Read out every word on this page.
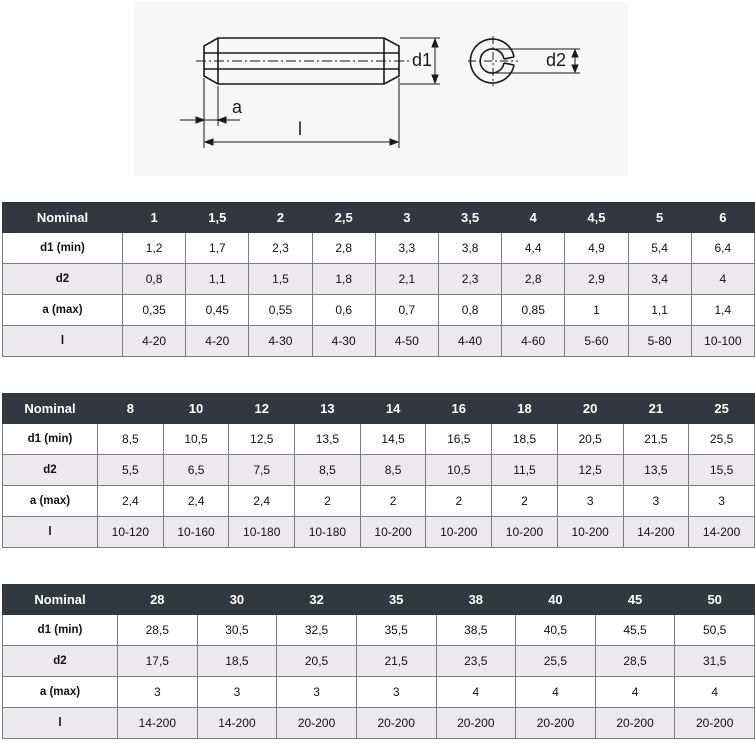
d1
a
l
d2
Nominal	1	1,5	2	2,5	3	3,5	4	4,5	5	6
d1 (min)	1,2	1,7	2,3	2,8	3,3	3,8	4,4	4,9	5,4	6,4
d2	0,8	1,1	1,5	1,8	2,1	2,3	2,8	2,9	3,4	4
a (max)	0,35	0,45	0,55	0,6	0,7	0,8	0,85	1	1,1	1,4
l	4-20	4-20	4-30	4-30	4-50	4-40	4-60	5-60	5-80	10-100
Nominal	8	10	12	13	14	16	18	20	21	25
d1 (min)	8,5	10,5	12,5	13,5	14,5	16,5	18,5	20,5	21,5	25,5
d2	5,5	6,5	7,5	8,5	8,5	10,5	11,5	12,5	13,5	15,5
a (max)	2,4	2,4	2,4	2	2	2	2	3	3	3
l	10-120	10-160	10-180	10-180	10-200	10-200	10-200	10-200	14-200	14-200
Nominal	28	30	32	35	38	40	45	50
d1 (min)	28,5	30,5	32,5	35,5	38,5	40,5	45,5	50,5
d2	17,5	18,5	20,5	21,5	23,5	25,5	28,5	31,5
a (max)	3	3	3	3	4	4	4	4
l	14-200	14-200	20-200	20-200	20-200	20-200	20-200	20-200
